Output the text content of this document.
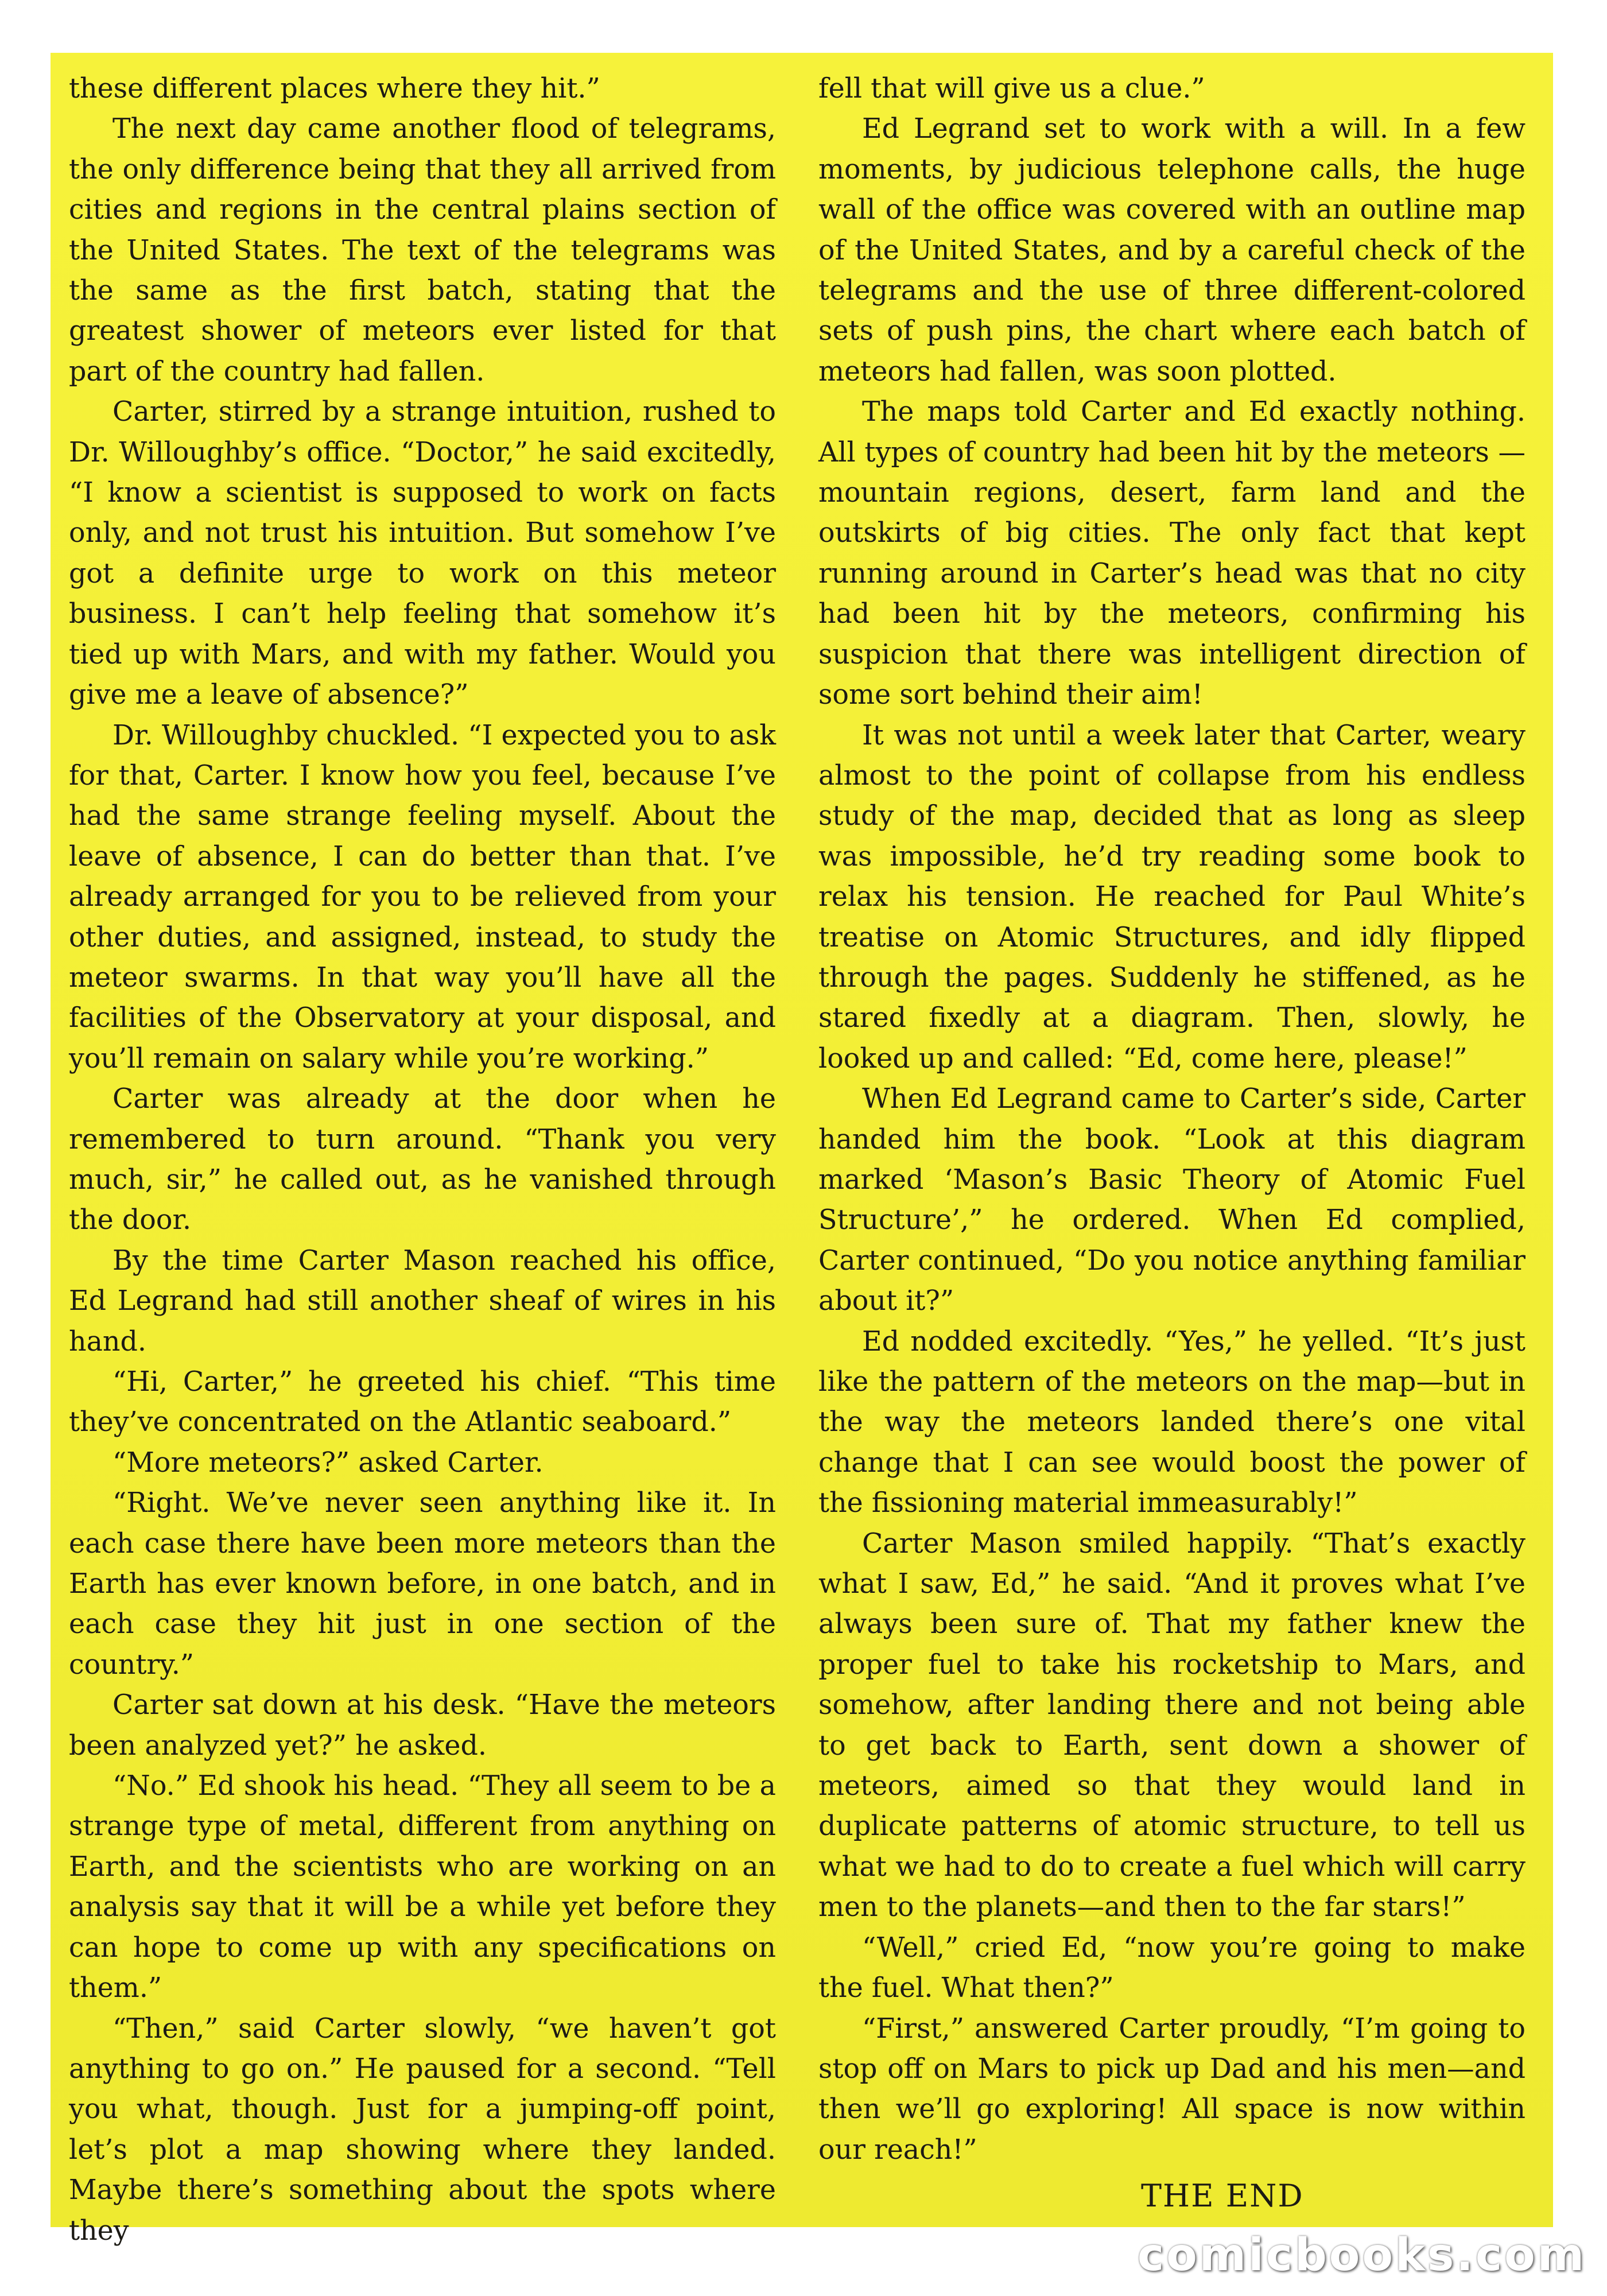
these different places where they hit.”

The next day came another flood of telegrams, the only difference being that they all arrived from cities and regions in the central plains section of the United States. The text of the telegrams was the same as the first batch, stating that the greatest shower of meteors ever listed for that part of the country had fallen.

Carter, stirred by a strange intuition, rushed to Dr. Willoughby’s office. “Doctor,” he said excitedly, “I know a scientist is supposed to work on facts only, and not trust his intuition. But somehow I’ve got a definite urge to work on this meteor business. I can’t help feeling that somehow it’s tied up with Mars, and with my father. Would you give me a leave of absence?”

Dr. Willoughby chuckled. “I expected you to ask for that, Carter. I know how you feel, because I’ve had the same strange feeling myself. About the leave of absence, I can do better than that. I’ve already arranged for you to be relieved from your other duties, and assigned, instead, to study the meteor swarms. In that way you’ll have all the facilities of the Observatory at your disposal, and you’ll remain on salary while you’re working.”

Carter was already at the door when he remembered to turn around. “Thank you very much, sir,” he called out, as he vanished through the door.

By the time Carter Mason reached his office, Ed Legrand had still another sheaf of wires in his hand.

“Hi, Carter,” he greeted his chief. “This time they’ve concentrated on the Atlantic seaboard.”

“More meteors?” asked Carter.

“Right. We’ve never seen anything like it. In each case there have been more meteors than the Earth has ever known before, in one batch, and in each case they hit just in one section of the country.”

Carter sat down at his desk. “Have the meteors been analyzed yet?” he asked.

“No.” Ed shook his head. “They all seem to be a strange type of metal, different from anything on Earth, and the scientists who are working on an analysis say that it will be a while yet before they can hope to come up with any specifications on them.”

“Then,” said Carter slowly, “we haven’t got anything to go on.” He paused for a second. “Tell you what, though. Just for a jumping-off point, let’s plot a map showing where they landed. Maybe there’s something about the spots where they

fell that will give us a clue.”

Ed Legrand set to work with a will. In a few moments, by judicious telephone calls, the huge wall of the office was covered with an outline map of the United States, and by a careful check of the telegrams and the use of three different-colored sets of push pins, the chart where each batch of meteors had fallen, was soon plotted.

The maps told Carter and Ed exactly nothing. All types of country had been hit by the meteors —mountain regions, desert, farm land and the outskirts of big cities. The only fact that kept running around in Carter’s head was that no city had been hit by the meteors, confirming his suspicion that there was intelligent direction of some sort behind their aim!

It was not until a week later that Carter, weary almost to the point of collapse from his endless study of the map, decided that as long as sleep was impossible, he’d try reading some book to relax his tension. He reached for Paul White’s treatise on Atomic Structures, and idly flipped through the pages. Suddenly he stiffened, as he stared fixedly at a diagram. Then, slowly, he looked up and called: “Ed, come here, please!”

When Ed Legrand came to Carter’s side, Carter handed him the book. “Look at this diagram marked ‘Mason’s Basic Theory of Atomic Fuel Structure’,” he ordered. When Ed complied, Carter continued, “Do you notice anything familiar about it?”

Ed nodded excitedly. “Yes,” he yelled. “It’s just like the pattern of the meteors on the map—but in the way the meteors landed there’s one vital change that I can see would boost the power of the fissioning material immeasurably!”

Carter Mason smiled happily. “That’s exactly what I saw, Ed,” he said. “And it proves what I’ve always been sure of. That my father knew the proper fuel to take his rocketship to Mars, and somehow, after landing there and not being able to get back to Earth, sent down a shower of meteors, aimed so that they would land in duplicate patterns of atomic structure, to tell us what we had to do to create a fuel which will carry men to the planets—and then to the far stars!”

“Well,” cried Ed, “now you’re going to make the fuel. What then?”

“First,” answered Carter proudly, “I’m going to stop off on Mars to pick up Dad and his men—and then we’ll go exploring! All space is now within our reach!”

THE END
comicbooks.com
